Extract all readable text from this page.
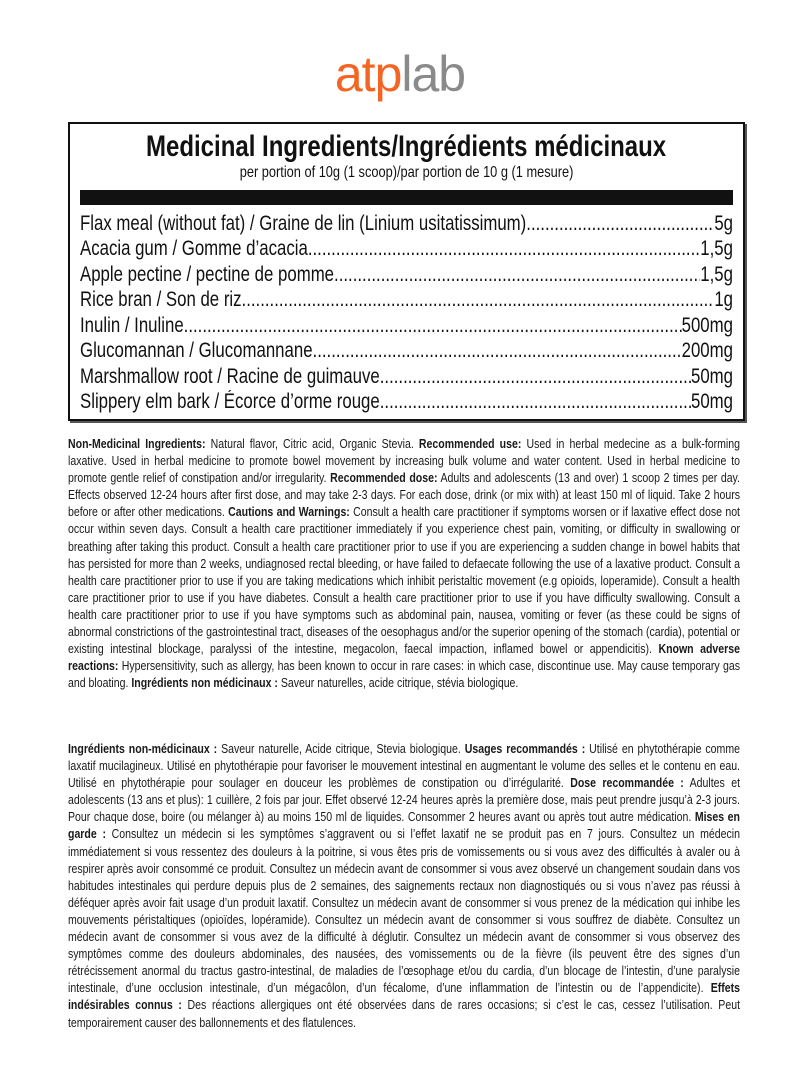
atplab
Medicinal Ingredients/Ingrédients médicinaux
per portion of 10g (1 scoop)/par portion de 10 g (1 mesure)
Flax meal (without fat) / Graine de lin (Linium usitatissimum) .....	5g
Acacia gum / Gomme d’acacia .....	1,5g
Apple pectine / pectine de pomme .....	1,5g
Rice bran / Son de riz .....	1g
Inulin / Inuline .....	500mg
Glucomannan / Glucomannane .....	200mg
Marshmallow root / Racine de guimauve .....	50mg
Slippery elm bark / Écorce d’orme rouge .....	50mg
Non-Medicinal Ingredients: Natural flavor, Citric acid, Organic Stevia. Recommended use: Used in herbal medecine as a bulk-forming laxative. Used in herbal medicine to promote bowel movement by increasing bulk volume and water content. Used in herbal medicine to promote gentle relief of constipation and/or irregularity. Recommended dose: Adults and adolescents (13 and over) 1 scoop 2 times per day. Effects observed 12-24 hours after first dose, and may take 2-3 days. For each dose, drink (or mix with) at least 150 ml of liquid. Take 2 hours before or after other medications. Cautions and Warnings: Consult a health care practitioner if symptoms worsen or if laxative effect dose not occur within seven days. Consult a health care practitioner immediately if you experience chest pain, vomiting, or difficulty in swallowing or breathing after taking this product. Consult a health care practitioner prior to use if you are experiencing a sudden change in bowel habits that has persisted for more than 2 weeks, undiagnosed rectal bleeding, or have failed to defaecate following the use of a laxative product. Consult a health care practitioner prior to use if you are taking medications which inhibit peristaltic movement (e.g opioids, loperamide). Consult a health care practitioner prior to use if you have diabetes. Consult a health care practitioner prior to use if you have difficulty swallowing. Consult a health care practitioner prior to use if you have symptoms such as abdominal pain, nausea, vomiting or fever (as these could be signs of abnormal constrictions of the gastrointestinal tract, diseases of the oesophagus and/or the superior opening of the stomach (cardia), potential or existing intestinal blockage, paralyssi of the intestine, megacolon, faecal impaction, inflamed bowel or appendicitis). Known adverse reactions: Hypersensitivity, such as allergy, has been known to occur in rare cases: in which case, discontinue use. May cause temporary gas and bloating. Ingrédients non médicinaux : Saveur naturelles, acide citrique, stévia biologique.
Ingrédients non-médicinaux : Saveur naturelle, Acide citrique, Stevia biologique. Usages recommandés : Utilisé en phytothérapie comme laxatif mucilagineux. Utilisé en phytothérapie pour favoriser le mouvement intestinal en augmentant le volume des selles et le contenu en eau. Utilisé en phytothérapie pour soulager en douceur les problèmes de constipation ou d’irrégularité. Dose recommandée : Adultes et adolescents (13 ans et plus): 1 cuillère, 2 fois par jour. Effet observé 12-24 heures après la première dose, mais peut prendre jusqu’à 2-3 jours. Pour chaque dose, boire (ou mélanger à) au moins 150 ml de liquides. Consommer 2 heures avant ou après tout autre médication. Mises en garde : Consultez un médecin si les symptômes s’aggravent ou si l’effet laxatif ne se produit pas en 7 jours. Consultez un médecin immédiatement si vous ressentez des douleurs à la poitrine, si vous êtes pris de vomissements ou si vous avez des difficultés à avaler ou à respirer après avoir consommé ce produit. Consultez un médecin avant de consommer si vous avez observé un changement soudain dans vos habitudes intestinales qui perdure depuis plus de 2 semaines, des saignements rectaux non diagnostiqués ou si vous n’avez pas réussi à déféquer après avoir fait usage d’un produit laxatif. Consultez un médecin avant de consommer si vous prenez de la médication qui inhibe les mouvements péristaltiques (opioïdes, lopéramide). Consultez un médecin avant de consommer si vous souffrez de diabète. Consultez un médecin avant de consommer si vous avez de la difficulté à déglutir. Consultez un médecin avant de consommer si vous observez des symptômes comme des douleurs abdominales, des nausées, des vomissements ou de la fièvre (ils peuvent être des signes d’un rétrécissement anormal du tractus gastro-intestinal, de maladies de l’œsophage et/ou du cardia, d’un blocage de l’intestin, d’une paralysie intestinale, d’une occlusion intestinale, d’un mégacôlon, d’un fécalome, d’une inflammation de l’intestin ou de l’appendicite). Effets indésirables connus : Des réactions allergiques ont été observées dans de rares occasions; si c’est le cas, cessez l’utilisation. Peut temporairement causer des ballonnements et des flatulences.
